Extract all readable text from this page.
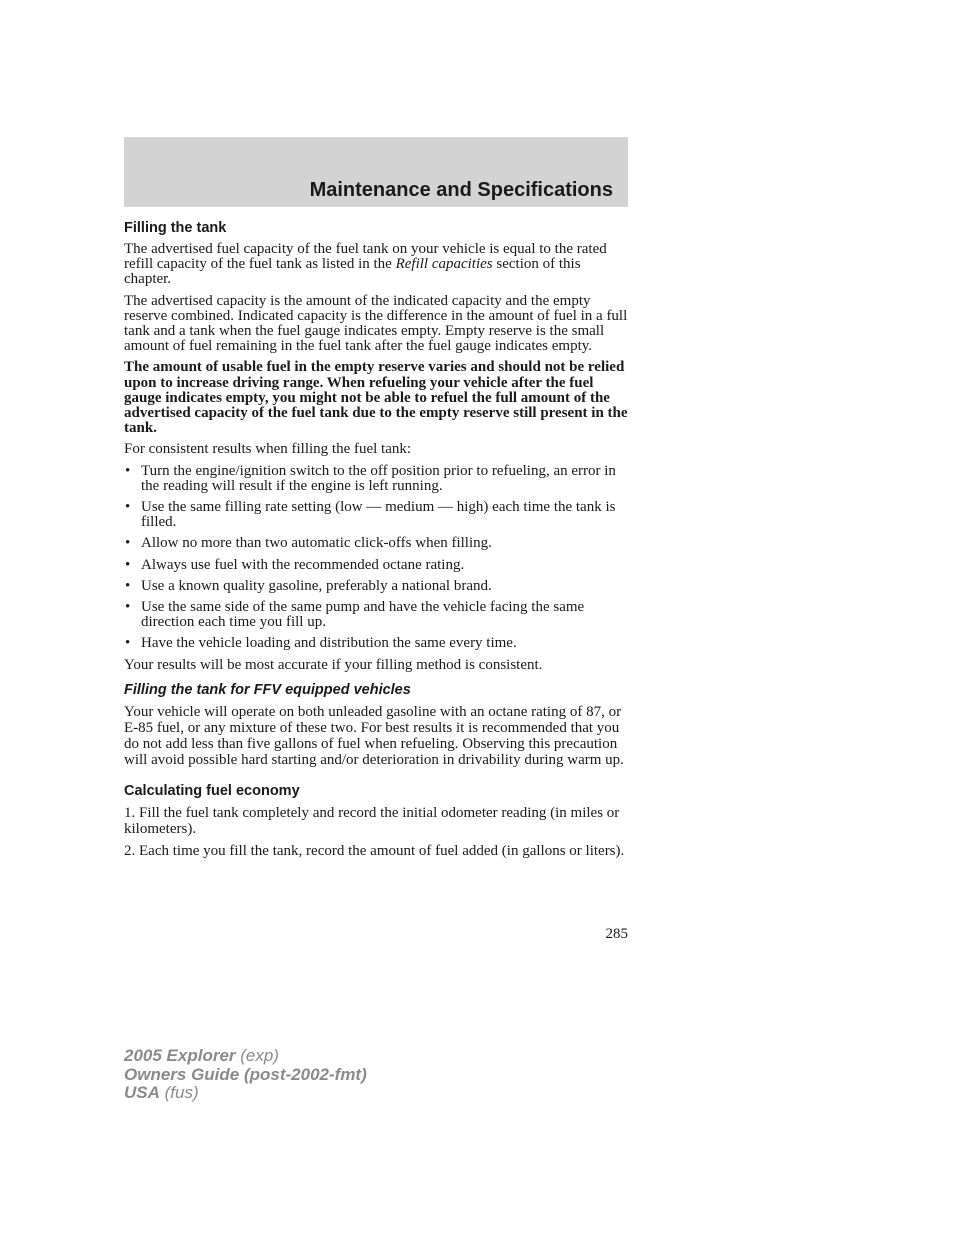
Maintenance and Specifications
Filling the tank

The advertised fuel capacity of the fuel tank on your vehicle is equal to the rated refill capacity of the fuel tank as listed in the Refill capacities section of this chapter.

The advertised capacity is the amount of the indicated capacity and the empty reserve combined. Indicated capacity is the difference in the amount of fuel in a full tank and a tank when the fuel gauge indicates empty. Empty reserve is the small amount of fuel remaining in the fuel tank after the fuel gauge indicates empty.

The amount of usable fuel in the empty reserve varies and should not be relied upon to increase driving range. When refueling your vehicle after the fuel gauge indicates empty, you might not be able to refuel the full amount of the advertised capacity of the fuel tank due to the empty reserve still present in the tank.

For consistent results when filling the fuel tank:

• Turn the engine/ignition switch to the off position prior to refueling, an error in the reading will result if the engine is left running.
• Use the same filling rate setting (low — medium — high) each time the tank is filled.
• Allow no more than two automatic click-offs when filling.
• Always use fuel with the recommended octane rating.
• Use a known quality gasoline, preferably a national brand.
• Use the same side of the same pump and have the vehicle facing the same direction each time you fill up.
• Have the vehicle loading and distribution the same every time.

Your results will be most accurate if your filling method is consistent.

Filling the tank for FFV equipped vehicles

Your vehicle will operate on both unleaded gasoline with an octane rating of 87, or E-85 fuel, or any mixture of these two. For best results it is recommended that you do not add less than five gallons of fuel when refueling. Observing this precaution will avoid possible hard starting and/or deterioration in drivability during warm up.

Calculating fuel economy

1. Fill the fuel tank completely and record the initial odometer reading (in miles or kilometers).

2. Each time you fill the tank, record the amount of fuel added (in gallons or liters).

285
2005 Explorer (exp)
Owners Guide (post-2002-fmt)
USA (fus)
